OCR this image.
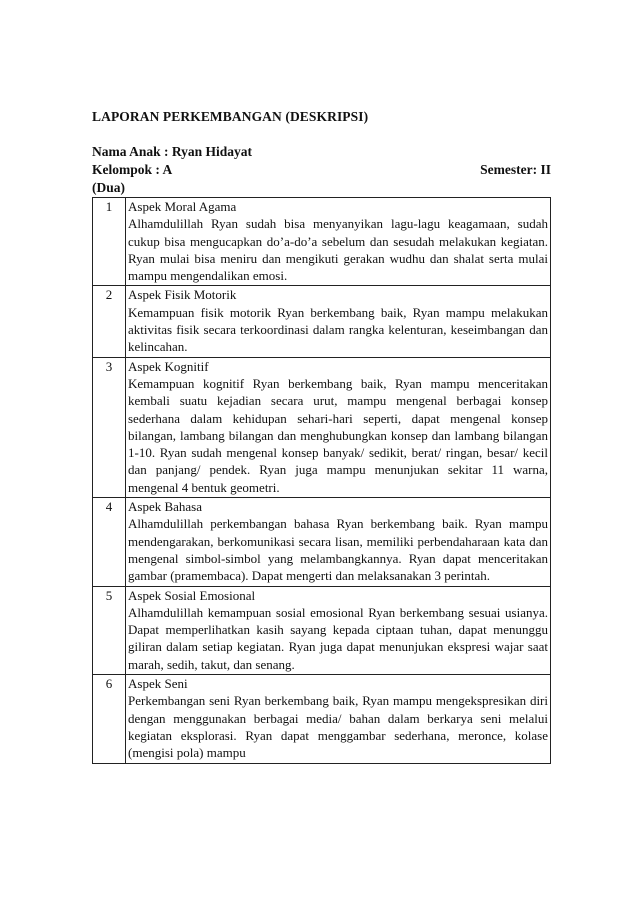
LAPORAN PERKEMBANGAN (DESKRIPSI)
Nama Anak : Ryan Hidayat
Kelompok : A	Semester: II
(Dua)
1	Aspek Moral Agama
Alhamdulillah Ryan sudah bisa menyanyikan lagu-lagu keagamaan, sudah cukup bisa mengucapkan do’a-do’a sebelum dan sesudah melakukan kegiatan. Ryan mulai bisa meniru dan mengikuti gerakan wudhu dan shalat serta mulai mampu mengendalikan emosi.

2	Aspek Fisik Motorik
Kemampuan fisik motorik Ryan berkembang baik, Ryan mampu melakukan aktivitas fisik secara terkoordinasi dalam rangka kelenturan, keseimbangan dan kelincahan.

3	Aspek Kognitif
Kemampuan kognitif Ryan berkembang baik, Ryan mampu menceritakan kembali suatu kejadian secara urut, mampu mengenal berbagai konsep sederhana dalam kehidupan sehari-hari seperti, dapat mengenal konsep bilangan, lambang bilangan dan menghubungkan konsep dan lambang bilangan 1-10. Ryan sudah mengenal konsep banyak/ sedikit, berat/ ringan, besar/ kecil dan panjang/ pendek. Ryan juga mampu menunjukan sekitar 11 warna, mengenal 4 bentuk geometri.

4	Aspek Bahasa
Alhamdulillah perkembangan bahasa Ryan berkembang baik. Ryan mampu mendengarakan, berkomunikasi secara lisan, memiliki perbendaharaan kata dan mengenal simbol-simbol yang melambangkannya. Ryan dapat menceritakan gambar (pramembaca). Dapat mengerti dan melaksanakan 3 perintah.

5	Aspek Sosial Emosional
Alhamdulillah kemampuan sosial emosional Ryan berkembang sesuai usianya. Dapat memperlihatkan kasih sayang kepada ciptaan tuhan, dapat menunggu giliran dalam setiap kegiatan. Ryan juga dapat menunjukan ekspresi wajar saat marah, sedih, takut, dan senang.

6	Aspek Seni
Perkembangan seni Ryan berkembang baik, Ryan mampu mengekspresikan diri dengan menggunakan berbagai media/ bahan dalam berkarya seni melalui kegiatan eksplorasi. Ryan dapat menggambar sederhana, meronce, kolase (mengisi pola) mampu
